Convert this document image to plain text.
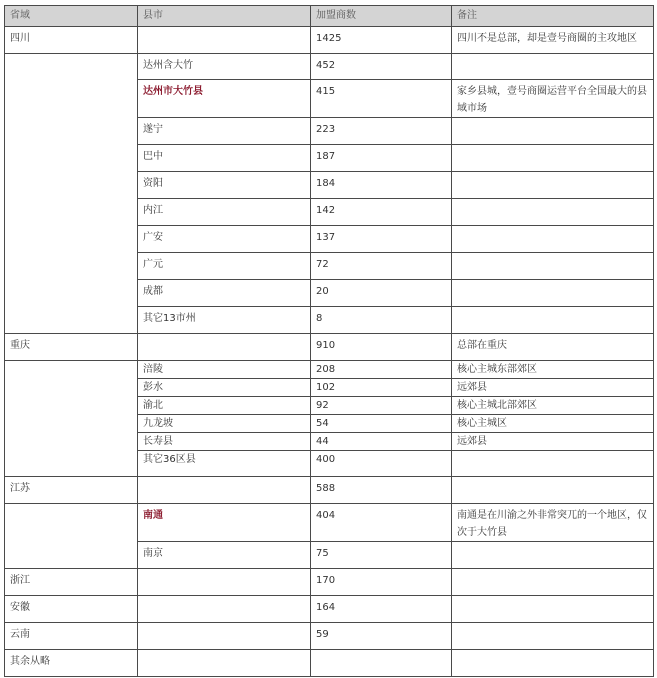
省域	县市	加盟商数	备注

四川		1425	四川不是总部，却是壹号商圈的主攻地区

	达州含大竹	452	

	达州市大竹县	415	家乡县城，壹号商圈运营平台全国最大的县域市场

	遂宁	223	

	巴中	187	

	资阳	184	

	内江	142	

	广安	137	

	广元	72	

	成都	20	

	其它13市州	8	

重庆		910	总部在重庆

	涪陵	208	核心主城东部郊区
	彭水	102	远郊县
	渝北	92	核心主城北部郊区
	九龙坡	54	核心主城区
	长寿县	44	远郊县
	其它36区县	400	

江苏		588	

	南通	404	南通是在川渝之外非常突兀的一个地区，仅次于大竹县

	南京	75	

浙江		170	

安徽		164	

云南		59	

其余从略			
